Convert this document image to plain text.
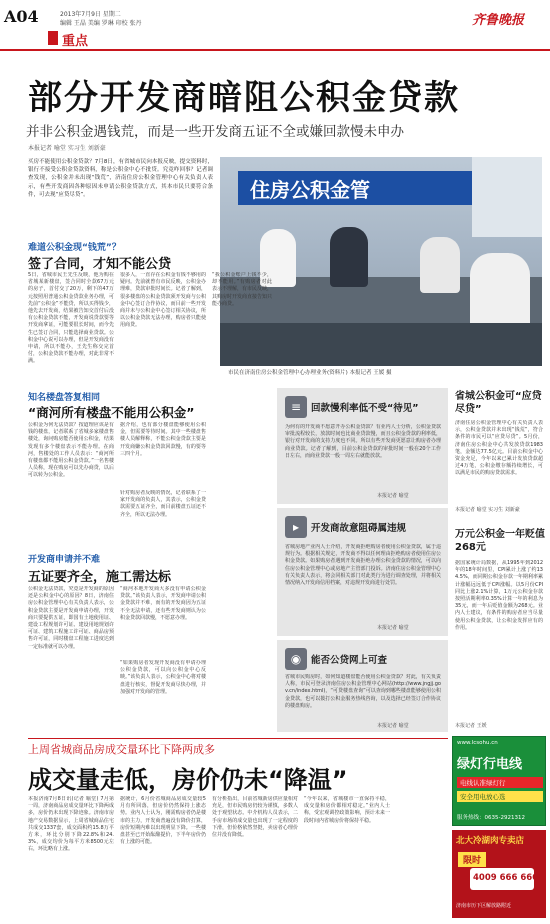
A04	2013年7月9日 星期二
编辑 王晶 美编 罗琳 印校 张丹	齐鲁晚报
重点
部分开发商暗阻公积金贷款
并非公积金遇钱荒，而是一些开发商五证不全或嫌回款慢未申办
本报记者 喻堂 实习生 刘新豪
买房不能使用公积金贷款？7月8日，有省城市民向本报反映，提交资料时，银行不接受公积金贷款资料，称是公积金中心不批贷。究竟咋回事？记者调查发现，公积金并未出现“钱荒”，济南住房公积金管理中心有关负责人表示，有些开发商因各种原因未申请公积金贷款方式，其本市民只要符合条件，可去现“应贷尽贷”。	住房公积金管
市民在济南住房公积金管理中心办理业务(资料片) 本报记者 王媛 摄
难道公积金现“钱荒”？
签了合同，才知不能公贷
5日，省城市民王先生反映，他为购在省城某新楼盘，签合同时全款67万元的房子，首付交了20万，剩下的47万元按照用普通公积金贷款业务办理，可先前“公积金”不能贷，所以买得钱少，他先去开发商，结果被告知交首付后没有公积金贷款不能，开发商说贷款要等开发商拿证，可能要很长时间，而今先生已签订合同，只能选择商业贷款。公积金中心说可以办理，但是开发商没有申请，所以不能办，王先生称交完首付，公积金贷款不能办理，对此非常不满。
很多人，一直存在公积金有钱不够用的疑问。先前就曾有市民反映，公积金办理难，贷款审批时间长。记者了解到，很多楼盘的公积金贷款须开发商与公积金中心签订合作协议，而目前一些开发商并未与公积金中心签订相关协议，所以公积金贷款无法办理，购房者只能使用商贷。
“我公积金账户上钱不少，却不能用。”有购房者对此表示不理解，有市民反映，其购房时开发商直接告知只能办商贷。
知名楼盘答复相同
“商河所有楼盘不能用公积金”
公积金为何无法贷款？按道理应该是有钱的楼盘，记者联系了省城多家楼盘售楼处，询问购房能否使用公积金，结果发现有多个楼盘表示不能办理。在商河，售楼处的工作人员表示：“商河所有楼盘都不能用公积金贷款。”一名售楼人员称，现在购房可以先办商贷，以后可以转为公积金。
据介绍，也有部分楼盘能够使用公积金，但需要等待时间。其中一些楼盘售楼人员解释称，不能公积金贷款主要是开发商嫌公积金贷款回款慢，有的要等三四个月。
针对购房者反映的情况，记者联系了一家开发商的负责人，其表示，公积金贷款需要五证齐全，而目前楼盘五证还不齐全，所以无法办理。
开发商申请并不难
五证要齐全，施工需达标
公积金无法贷款，究竟是开发商的原因还是公积金中心的原因？8日，济南住房公积金管理中心有关负责人表示，公积金贷款主要是开发商申请办理，开发商只要提供五证，即国有土地使用证、建设工程规划许可证、建设用地规划许可证、建筑工程施工许可证、商品房预售许可证，同时楼盘工程施工进度达到一定标准就可以办理。
“商河本地开发商大多没有申请公积金贷款。”该负责人表示，开发商申请公积金贷款并不难，而有的开发商因为五证不全无法申请，还有些开发商则认为公积金贷款回款慢，不愿意办理。
“如果购房者发现开发商没有申请办理公积金贷款，可以向公积金中心反映。”该负责人表示，公积金中心将对楼盘进行核实，督促开发商尽快办理，并加强对开发商的管理。
≡	回款慢利率低不受“待见”
为何有的开发商不愿意开办公积金贷款？有业内人士分析，公积金贷款审批流程较长，放款时间也比商业贷款慢，而且公积金贷款的利率低，银行对开发商的支持力度也不同。所以有些开发商更愿意让购房者办理商业贷款。记者了解到，目前公积金贷款的审批时间一般在20个工作日左右，而商业贷款一般一周左右就能放款。
本报记者 喻堂
▸	开发商故意阻碍属违规
省城房地产业内人士介绍，开发商拒绝购房者使用公积金贷款，属于违规行为。根据相关规定，开发商不得以任何理由拒绝购房者使用住房公积金贷款。如果购房者遇到开发商拒绝办理公积金贷款的情况，可以向住房公积金管理中心或房地产主管部门投诉。济南住房公积金管理中心有关负责人表示，将会同相关部门对此类行为进行调查处理，并将相关情况纳入开发商信用档案，对违规开发商进行处罚。
本报记者 喻堂
◉	能否公贷网上可查
省城市民购房时，如何知道楼盘能否使用公积金贷款？对此，有关负责人称，市民可登录济南住房公积金管理中心网站(http://www.jngjj.gov.cn/index.html)，“可贷楼盘查询”可以查询到哪些楼盘能够使用公积金贷款，也可以拨打公积金服务热线咨询，以及选择已经签订合作协议的楼盘购房。
本报记者 喻堂
省城公积金可“应贷尽贷”
济南住房公积金管理中心有关负责人表示，公积金贷款并未出现“钱荒”，符合条件的市民可以“应贷尽贷”。5月份，济南住房公积金中心共发放贷款1983笔，金额达77.5亿元。目前公积金中心资金充足，今年以来已累计发放贷款超过4万笔，公积金缴存额持续增长，可以满足市民的购房贷款需求。
本报记者 喻堂 实习生 刘新豪
万元公积金一年贬值268元
据国家统计局数据，从1995年到2012年的18年时间里，CPI累计上涨了约134.5%，而同期公积金存款一年期利率累计涨幅远远低于CPI涨幅。以5月份CPI同比上涨2.1%计算，1万元公积金存款按照活期利率0.35%计算一年的利息为35元，而一年后贬值金额为268元。业内人士建议，有条件的购房者应当尽量使用公积金贷款，让公积金发挥应有的作用。
本报记者 王媛
上周省城商品房成交量环比下降两成多
成交量走低，房价仍未“降温”
本报济南7月8日讯(记者 喻堂) 7月第一周，济南商品房成交量环比下降两成多，房价仍未出现下降迹象。济南市房地产交易数据显示，上周省城商品住宅共成交1337套，成交面积约15.8万平方米，环比分别下降22.8%和24.3%，成交均价为每平方米8500元左右，环比略有上涨。
据统计，6月份省城商品房成交量较5月有所回落，但房价仍然保持上涨态势。业内人士认为，刚需购房者仍是楼市的主力，开发商普遍没有降价打算，房价短期内难以出现明显下降。一些楼盘甚至已开始酝酿提价，下半年房价仍有上涨的可能。
有分析指出，目前省城新房供应量相对充足，但市民购房仍较为谨慎，多数人处于观望状态。中介机构人员表示，二手房市场的成交量也出现了一定程度的下滑，但价格依然坚挺，卖房者心理价位并没有降低。
“今年以来，省城楼市一直保持平稳，成交量和房价都相对稳定。”业内人士称，受宏观调控政策影响，预计未来一段时间内省城房价将保持平稳。
www.lcsohu.cn
绿灯行电线
电线认准绿灯行
安全用电放心选
服务热线：0635-2921312
北大冷湖肉专卖店
限时
4009 666 666
济南市历下区解放路附近
